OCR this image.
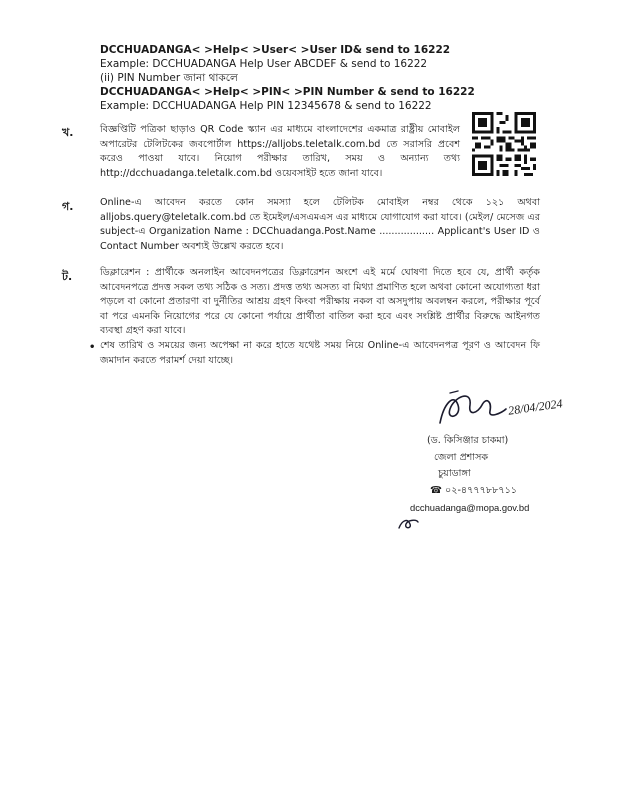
DCCHUADANGA< >Help< >User< >User ID& send to 16222
Example: DCCHUADANGA Help User ABCDEF & send to 16222
(ii) PIN Number জানা থাকলে
DCCHUADANGA< >Help< >PIN< >PIN Number & send to 16222
Example: DCCHUADANGA Help PIN 12345678 & send to 16222
খ.	বিজ্ঞপ্তিটি পত্রিকা ছাড়াও QR Code স্ক্যান এর মাধ্যমে বাংলাদেশের একমাত্র রাষ্ট্রীয় মোবাইল অপারেটর টেলিটকের জবপোর্টাল https://alljobs.teletalk.com.bd তে সরাসরি প্রবেশ করেও পাওয়া যাবে। নিয়োগ পরীক্ষার তারিখ, সময় ও অন্যান্য তথ্য http://dcchuadanga.teletalk.com.bd ওয়েবসাইট হতে জানা যাবে।
গ.	Online-এ আবেদন করতে কোন সমস্যা হলে টেলিটক মোবাইল নম্বর থেকে ১২১ অথবা alljobs.query@teletalk.com.bd তে ইমেইল/এসএমএস এর মাধ্যমে যোগাযোগ করা যাবে। (মেইল/ মেসেজ এর subject-এ Organization Name : DCChuadanga.Post.Name .................. Applicant's User ID ও Contact Number অবশ্যই উল্লেখ করতে হবে।
ট.	ডিক্লারেশন : প্রার্থীকে অনলাইন আবেদনপত্রের ডিক্লারেশন অংশে এই মর্মে ঘোষণা দিতে হবে যে, প্রার্থী কর্তৃক আবেদনপত্রে প্রদত্ত সকল তথ্য সঠিক ও সত্য। প্রদত্ত তথ্য অসত্য বা মিথ্যা প্রমাণিত হলে অথবা কোনো অযোগ্যতা ধরা পড়লে বা কোনো প্রতারণা বা দুর্নীতির আশ্রয় গ্রহণ কিংবা পরীক্ষায় নকল বা অসদুপায় অবলম্বন করলে, পরীক্ষার পূর্বে বা পরে এমনকি নিয়োগের পরে যে কোনো পর্যায়ে প্রার্থীতা বাতিল করা হবে এবং সংশ্লিষ্ট প্রার্থীর বিরুদ্ধে আইনগত ব্যবস্থা গ্রহণ করা যাবে।
• শেষ তারিখ ও সময়ের জন্য অপেক্ষা না করে হাতে যথেষ্ট সময় নিয়ে Online-এ আবেদনপত্র পূরণ ও আবেদন ফি জমাদান করতে পরামর্শ দেয়া যাচ্ছে।
28/04/2024
(ড. কিসিঞ্জার চাকমা)
জেলা প্রশাসক
চুয়াডাঙ্গা
☎ ০২-৪৭৭৭৮৮৭১১
dcchuadanga@mopa.gov.bd
